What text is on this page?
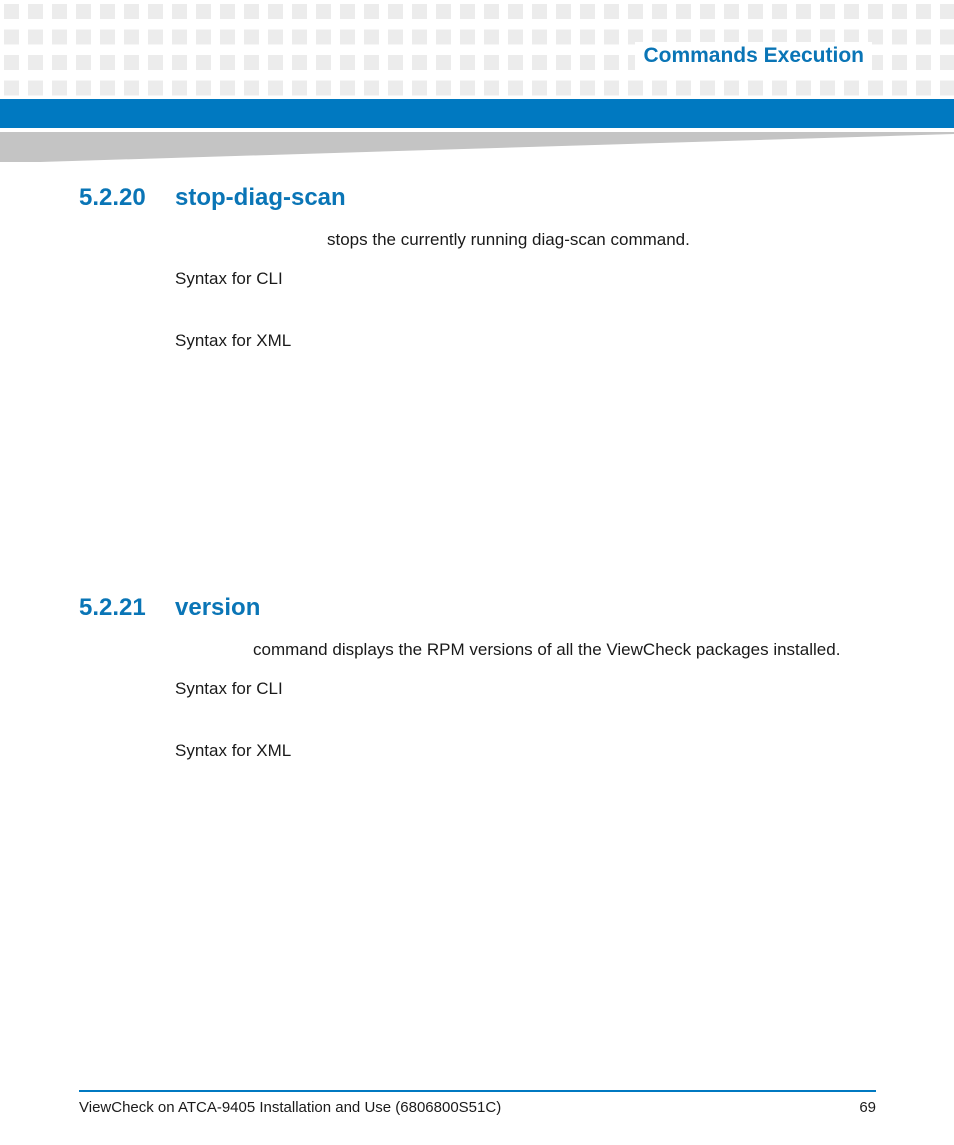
Commands Execution
5.2.20 stop-diag-scan
stops the currently running diag-scan command.
Syntax for CLI
Syntax for XML
5.2.21 version
command displays the RPM versions of all the ViewCheck packages installed.
Syntax for CLI
Syntax for XML
ViewCheck on ATCA-9405 Installation and Use (6806800S51C)	69
